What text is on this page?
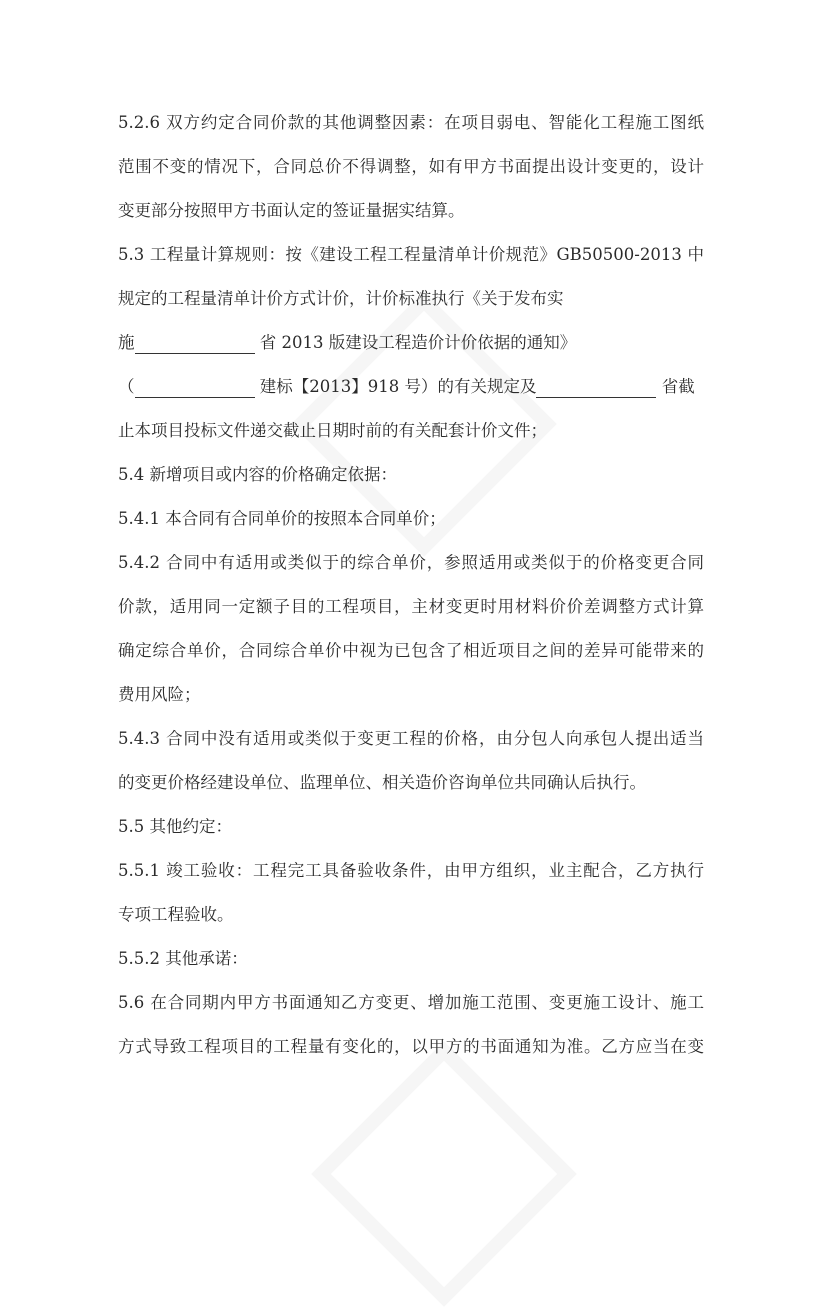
5.2.6 双方约定合同价款的其他调整因素：在项目弱电、智能化工程施工图纸
范围不变的情况下，合同总价不得调整，如有甲方书面提出设计变更的，设计
变更部分按照甲方书面认定的签证量据实结算。
5.3 工程量计算规则：按《建设工程工程量清单计价规范》GB50500-2013 中
规定的工程量清单计价方式计价，计价标准执行《关于发布实
施	省 2013 版建设工程造价计价依据的通知》
（	建标【2013】918 号）的有关规定及	省截
止本项目投标文件递交截止日期时前的有关配套计价文件；
5.4 新增项目或内容的价格确定依据：
5.4.1 本合同有合同单价的按照本合同单价；
5.4.2 合同中有适用或类似于的综合单价，参照适用或类似于的价格变更合同
价款，适用同一定额子目的工程项目，主材变更时用材料价价差调整方式计算
确定综合单价，合同综合单价中视为已包含了相近项目之间的差异可能带来的
费用风险；
5.4.3 合同中没有适用或类似于变更工程的价格，由分包人向承包人提出适当
的变更价格经建设单位、监理单位、相关造价咨询单位共同确认后执行。
5.5 其他约定：
5.5.1 竣工验收：工程完工具备验收条件，由甲方组织，业主配合，乙方执行
专项工程验收。
5.5.2 其他承诺：
5.6 在合同期内甲方书面通知乙方变更、增加施工范围、变更施工设计、施工
方式导致工程项目的工程量有变化的，以甲方的书面通知为准。乙方应当在变
